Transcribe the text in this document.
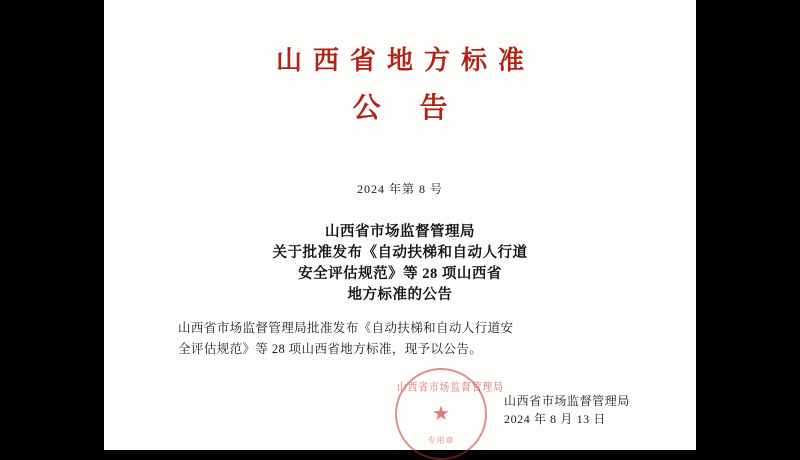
山西省地方标准
公 告
2024 年第 8 号
山西省市场监督管理局
关于批准发布《自动扶梯和自动人行道
安全评估规范》等 28 项山西省
地方标准的公告
山西省市场监督管理局批准发布《自动扶梯和自动人行道安
全评估规范》等 28 项山西省地方标准，现予以公告。
山西省市场监督管理局
★
专用章
山西省市场监督管理局
2024 年 8 月 13 日
